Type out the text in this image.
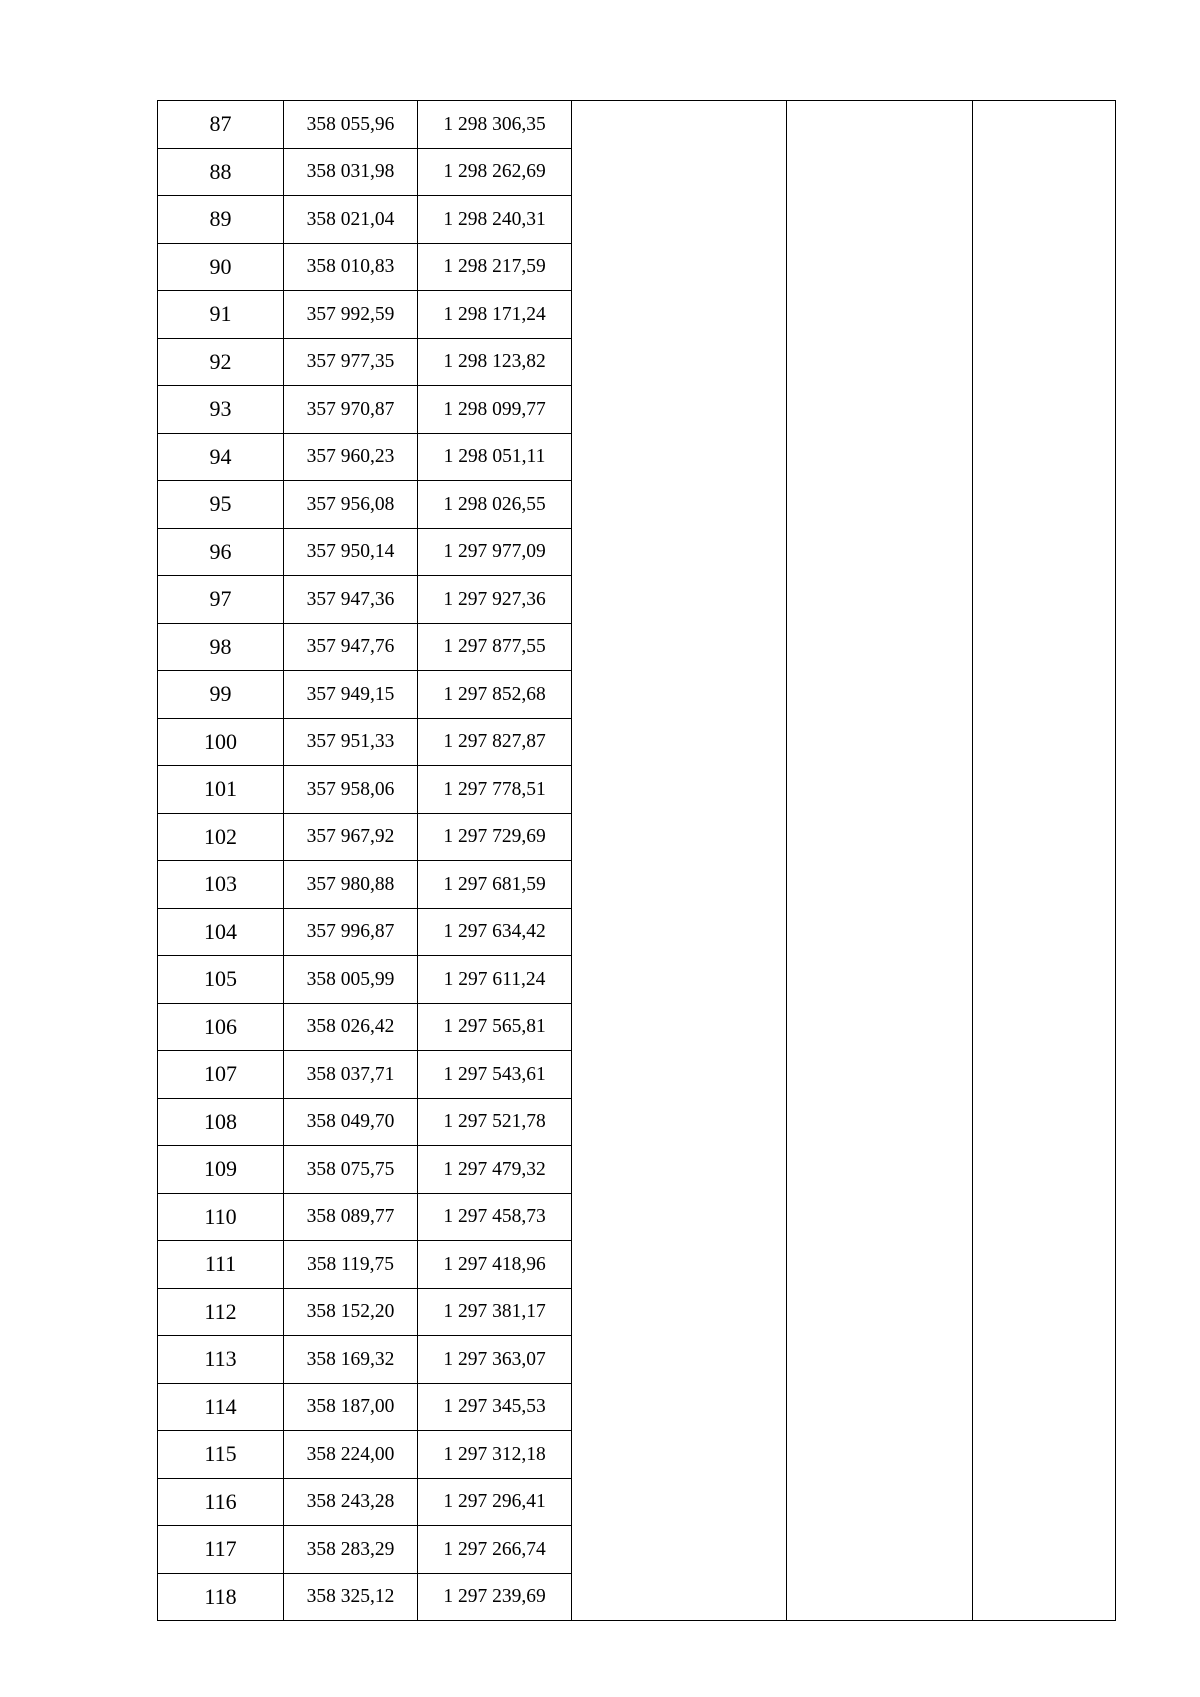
87	358 055,96	1 298 306,35			
88	358 031,98	1 298 262,69			
89	358 021,04	1 298 240,31			
90	358 010,83	1 298 217,59			
91	357 992,59	1 298 171,24			
92	357 977,35	1 298 123,82			
93	357 970,87	1 298 099,77			
94	357 960,23	1 298 051,11			
95	357 956,08	1 298 026,55			
96	357 950,14	1 297 977,09			
97	357 947,36	1 297 927,36			
98	357 947,76	1 297 877,55			
99	357 949,15	1 297 852,68			
100	357 951,33	1 297 827,87			
101	357 958,06	1 297 778,51			
102	357 967,92	1 297 729,69			
103	357 980,88	1 297 681,59			
104	357 996,87	1 297 634,42			
105	358 005,99	1 297 611,24			
106	358 026,42	1 297 565,81			
107	358 037,71	1 297 543,61			
108	358 049,70	1 297 521,78			
109	358 075,75	1 297 479,32			
110	358 089,77	1 297 458,73			
111	358 119,75	1 297 418,96			
112	358 152,20	1 297 381,17			
113	358 169,32	1 297 363,07			
114	358 187,00	1 297 345,53			
115	358 224,00	1 297 312,18			
116	358 243,28	1 297 296,41			
117	358 283,29	1 297 266,74			
118	358 325,12	1 297 239,69			
